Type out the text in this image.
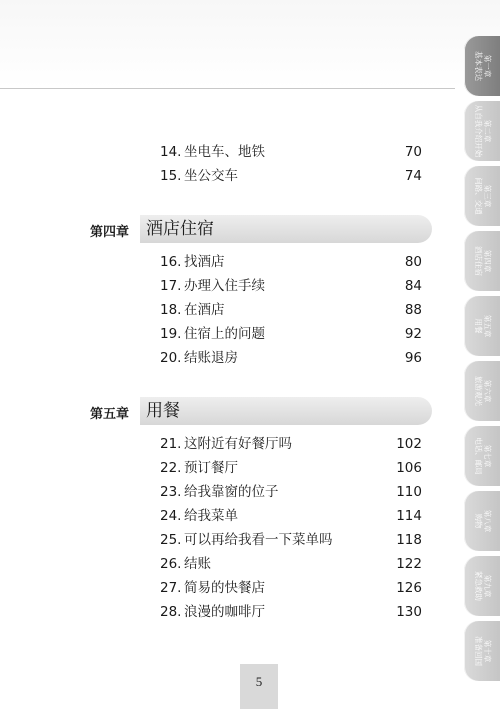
14. 坐电车、地铁	70
15. 坐公交车	74
第四章 酒店住宿
16. 找酒店	80
17. 办理入住手续	84
18. 在酒店	88
19. 住宿上的问题	92
20. 结账退房	96
第五章 用餐
21. 这附近有好餐厅吗	102
22. 预订餐厅	106
23. 给我靠窗的位子	110
24. 给我菜单	114
25. 可以再给我看一下菜单吗	118
26. 结账	122
27. 简易的快餐店	126
28. 浪漫的咖啡厅	130
第一章
基本表达
第二章
从自我介绍开始
第三章
问路、交通
第四章
酒店住宿
第五章
用餐
第六章
旅游观光
第七章
电话、邮局
第八章
购物
第九章
紧急救助
第十章
准备回国
5
